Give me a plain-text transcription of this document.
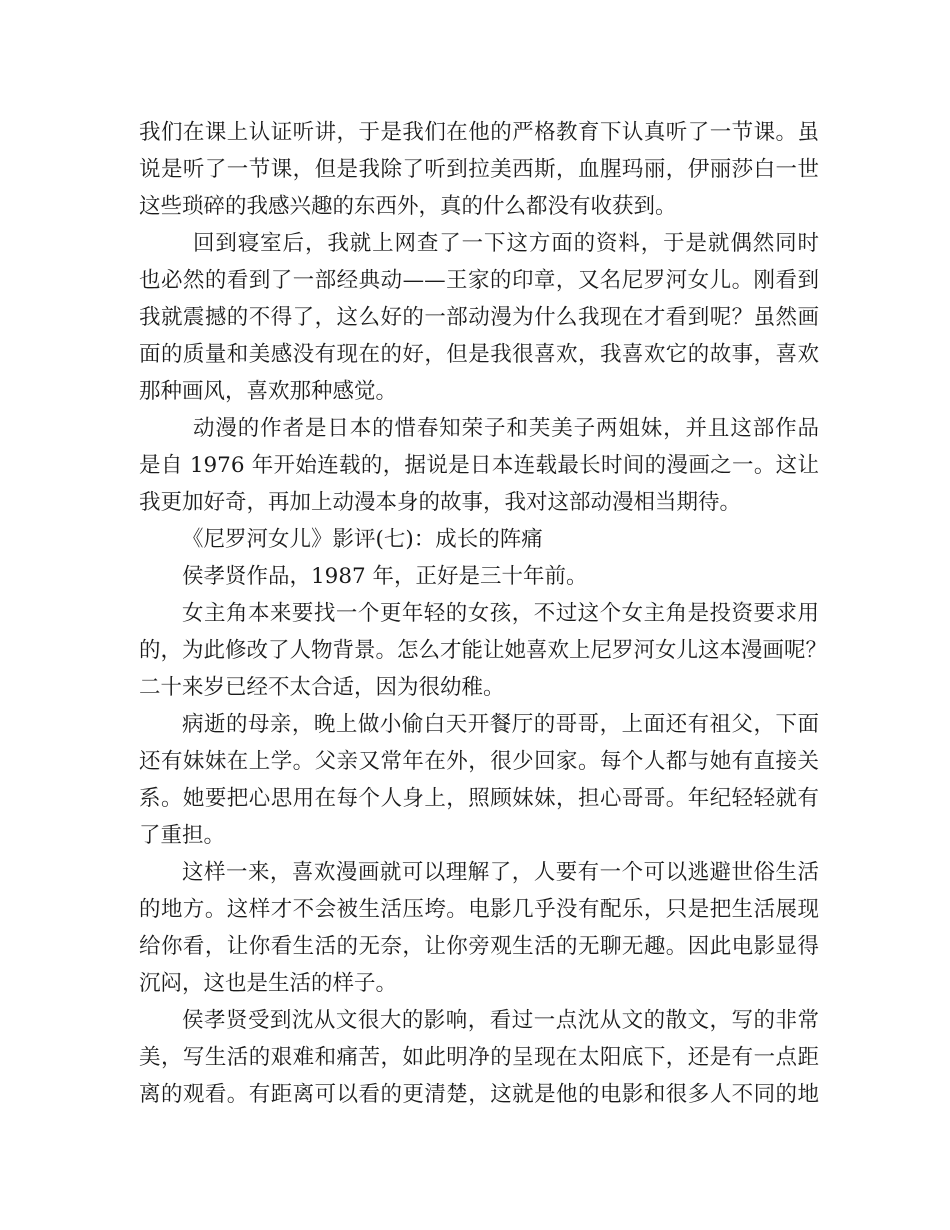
我们在课上认证听讲，于是我们在他的严格教育下认真听了一节课。虽
说是听了一节课，但是我除了听到拉美西斯，血腥玛丽，伊丽莎白一世
这些琐碎的我感兴趣的东西外，真的什么都没有收获到。
回到寝室后，我就上网查了一下这方面的资料，于是就偶然同时
也必然的看到了一部经典动——王家的印章，又名尼罗河女儿。刚看到
我就震撼的不得了，这么好的一部动漫为什么我现在才看到呢？虽然画
面的质量和美感没有现在的好，但是我很喜欢，我喜欢它的故事，喜欢
那种画风，喜欢那种感觉。
动漫的作者是日本的惜春知荣子和芙美子两姐妹，并且这部作品
是自 1976 年开始连载的，据说是日本连载最长时间的漫画之一。这让
我更加好奇，再加上动漫本身的故事，我对这部动漫相当期待。
《尼罗河女儿》影评(七)：成长的阵痛
侯孝贤作品，1987 年，正好是三十年前。
女主角本来要找一个更年轻的女孩，不过这个女主角是投资要求用
的，为此修改了人物背景。怎么才能让她喜欢上尼罗河女儿这本漫画呢？
二十来岁已经不太合适，因为很幼稚。
病逝的母亲，晚上做小偷白天开餐厅的哥哥，上面还有祖父，下面
还有妹妹在上学。父亲又常年在外，很少回家。每个人都与她有直接关
系。她要把心思用在每个人身上，照顾妹妹，担心哥哥。年纪轻轻就有
了重担。
这样一来，喜欢漫画就可以理解了，人要有一个可以逃避世俗生活
的地方。这样才不会被生活压垮。电影几乎没有配乐，只是把生活展现
给你看，让你看生活的无奈，让你旁观生活的无聊无趣。因此电影显得
沉闷，这也是生活的样子。
侯孝贤受到沈从文很大的影响，看过一点沈从文的散文，写的非常
美，写生活的艰难和痛苦，如此明净的呈现在太阳底下，还是有一点距
离的观看。有距离可以看的更清楚，这就是他的电影和很多人不同的地
